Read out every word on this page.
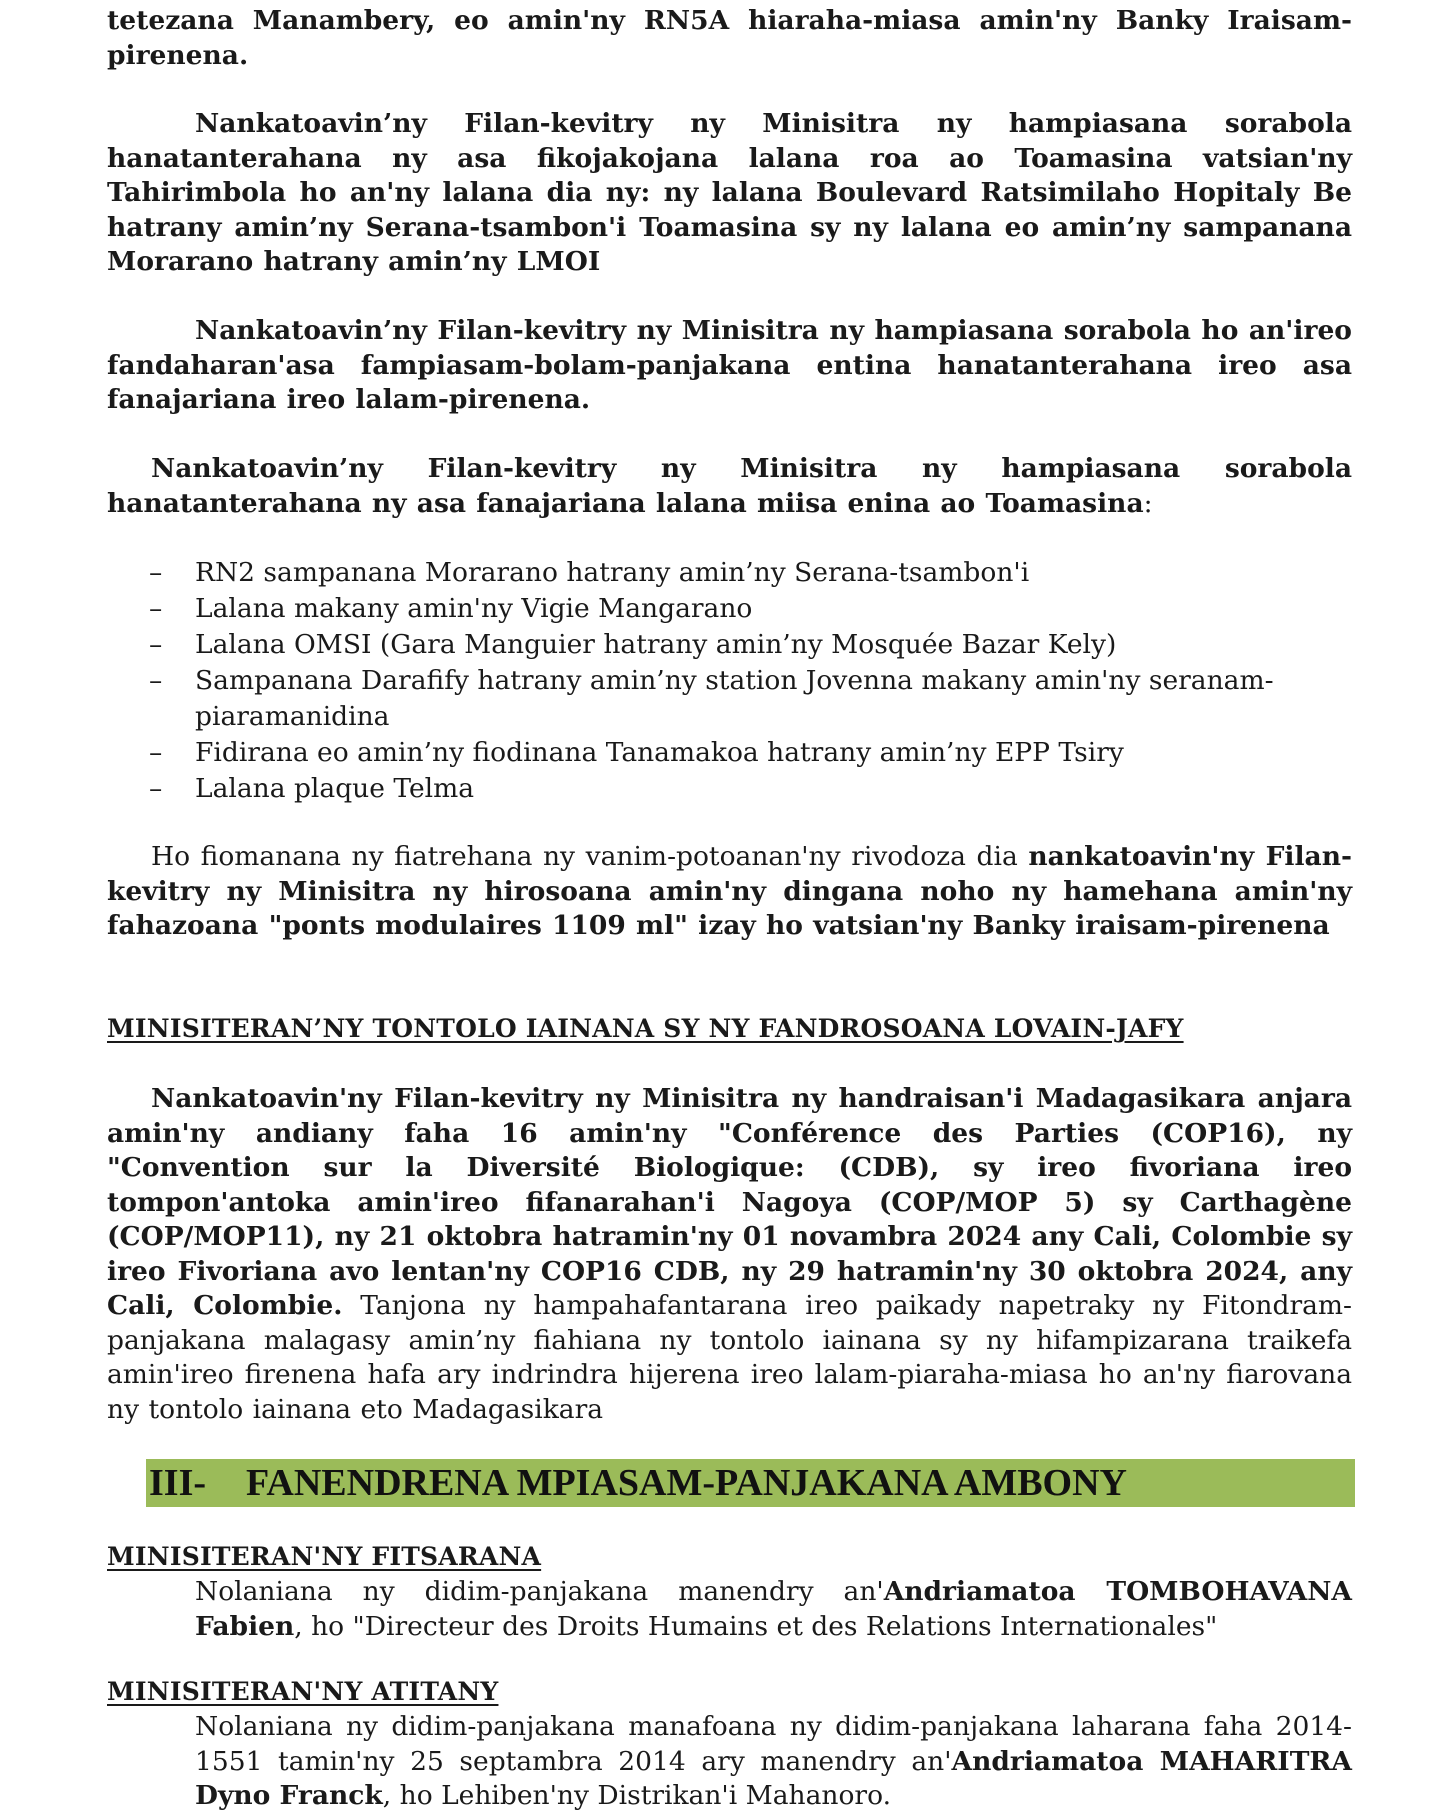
tetezana Manambery, eo amin'ny RN5A hiaraha-miasa amin'ny Banky Iraisam-pirenena.

Nankatoavin’ny Filan-kevitry ny Minisitra ny hampiasana sorabola hanatanterahana ny asa fikojakojana lalana roa ao Toamasina vatsian'ny Tahirimbola ho an'ny lalana dia ny: ny lalana Boulevard Ratsimilaho Hopitaly Be hatrany amin’ny Serana-tsambon'i Toamasina sy ny lalana eo amin’ny sampanana Morarano hatrany amin’ny LMOI

Nankatoavin’ny Filan-kevitry ny Minisitra ny hampiasana sorabola ho an'ireo fandaharan'asa fampiasam-bolam-panjakana entina hanatanterahana ireo asa fanajariana ireo lalam-pirenena.

Nankatoavin’ny Filan-kevitry ny Minisitra ny hampiasana sorabola hanatanterahana ny asa fanajariana lalana miisa enina ao Toamasina:

– RN2 sampanana Morarano hatrany amin’ny Serana-tsambon'i
– Lalana makany amin'ny Vigie Mangarano
– Lalana OMSI (Gara Manguier hatrany amin’ny Mosquée Bazar Kely)
– Sampanana Darafify hatrany amin’ny station Jovenna makany amin'ny seranam-piaramanidina
– Fidirana eo amin’ny fiodinana Tanamakoa hatrany amin’ny EPP Tsiry
– Lalana plaque Telma

Ho fiomanana ny fiatrehana ny vanim-potoanan'ny rivodoza dia nankatoavin'ny Filan-kevitry ny Minisitra ny hirosoana amin'ny dingana noho ny hamehana amin'ny fahazoana "ponts modulaires 1109 ml" izay ho vatsian'ny Banky iraisam-pirenena

MINISITERAN’NY TONTOLO IAINANA SY NY FANDROSOANA LOVAIN-JAFY

Nankatoavin'ny Filan-kevitry ny Minisitra ny handraisan'i Madagasikara anjara amin'ny andiany faha 16 amin'ny "Conférence des Parties (COP16), ny "Convention sur la Diversité Biologique: (CDB), sy ireo fivoriana ireo tompon'antoka amin'ireo fifanarahan'i Nagoya (COP/MOP 5) sy Carthagène (COP/MOP11), ny 21 oktobra hatramin'ny 01 novambra 2024 any Cali, Colombie sy ireo Fivoriana avo lentan'ny COP16 CDB, ny 29 hatramin'ny 30 oktobra 2024, any Cali, Colombie. Tanjona ny hampahafantarana ireo paikady napetraky ny Fitondram-panjakana malagasy amin’ny fiahiana ny tontolo iainana sy ny hifampizarana traikefa amin'ireo firenena hafa ary indrindra hijerena ireo lalam-piaraha-miasa ho an'ny fiarovana ny tontolo iainana eto Madagasikara

III- FANENDRENA MPIASAM-PANJAKANA AMBONY
MINISITERAN'NY FITSARANA

Nolaniana ny didim-panjakana manendry an'Andriamatoa TOMBOHAVANA Fabien, ho "Directeur des Droits Humains et des Relations Internationales"

MINISITERAN'NY ATITANY

Nolaniana ny didim-panjakana manafoana ny didim-panjakana laharana faha 2014-1551 tamin'ny 25 septambra 2014 ary manendry an'Andriamatoa MAHARITRA Dyno Franck, ho Lehiben'ny Distrikan'i Mahanoro.
